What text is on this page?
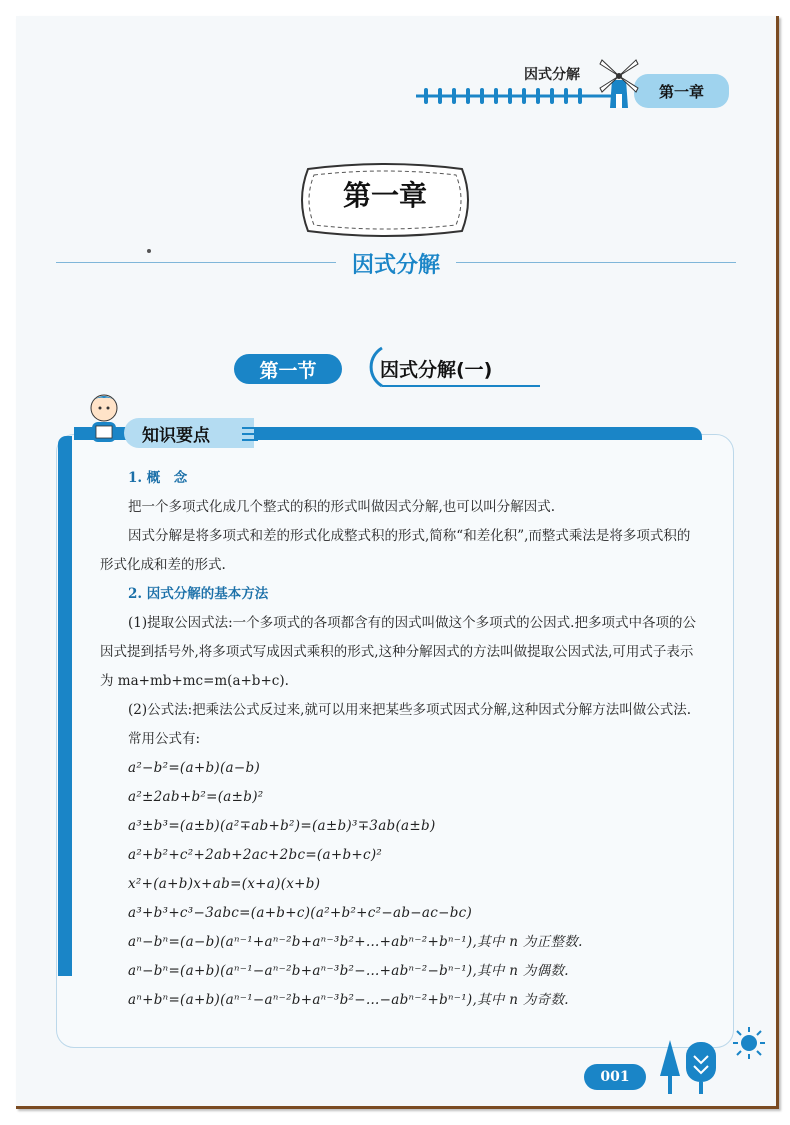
因式分解
第一章
第一章
因式分解
第一节	因式分解(一)
知识要点

1. 概　念

把一个多项式化成几个整式的积的形式叫做因式分解,也可以叫分解因式.

因式分解是将多项式和差的形式化成整式积的形式,简称“和差化积”,而整式乘法是将多项式积的形式化成和差的形式.

2. 因式分解的基本方法

(1)提取公因式法:一个多项式的各项都含有的因式叫做这个多项式的公因式.把多项式中各项的公因式提到括号外,将多项式写成因式乘积的形式,这种分解因式的方法叫做提取公因式法,可用式子表示为 ma+mb+mc=m(a+b+c).

(2)公式法:把乘法公式反过来,就可以用来把某些多项式因式分解,这种因式分解方法叫做公式法.

常用公式有:

a²−b²=(a+b)(a−b)

a²±2ab+b²=(a±b)²

a³±b³=(a±b)(a²∓ab+b²)=(a±b)³∓3ab(a±b)

a²+b²+c²+2ab+2ac+2bc=(a+b+c)²

x²+(a+b)x+ab=(x+a)(x+b)

a³+b³+c³−3abc=(a+b+c)(a²+b²+c²−ab−ac−bc)

aⁿ−bⁿ=(a−b)(aⁿ⁻¹+aⁿ⁻²b+aⁿ⁻³b²+…+abⁿ⁻²+bⁿ⁻¹),其中 n 为正整数.

aⁿ−bⁿ=(a+b)(aⁿ⁻¹−aⁿ⁻²b+aⁿ⁻³b²−…+abⁿ⁻²−bⁿ⁻¹),其中 n 为偶数.

aⁿ+bⁿ=(a+b)(aⁿ⁻¹−aⁿ⁻²b+aⁿ⁻³b²−…−abⁿ⁻²+bⁿ⁻¹),其中 n 为奇数.

001
